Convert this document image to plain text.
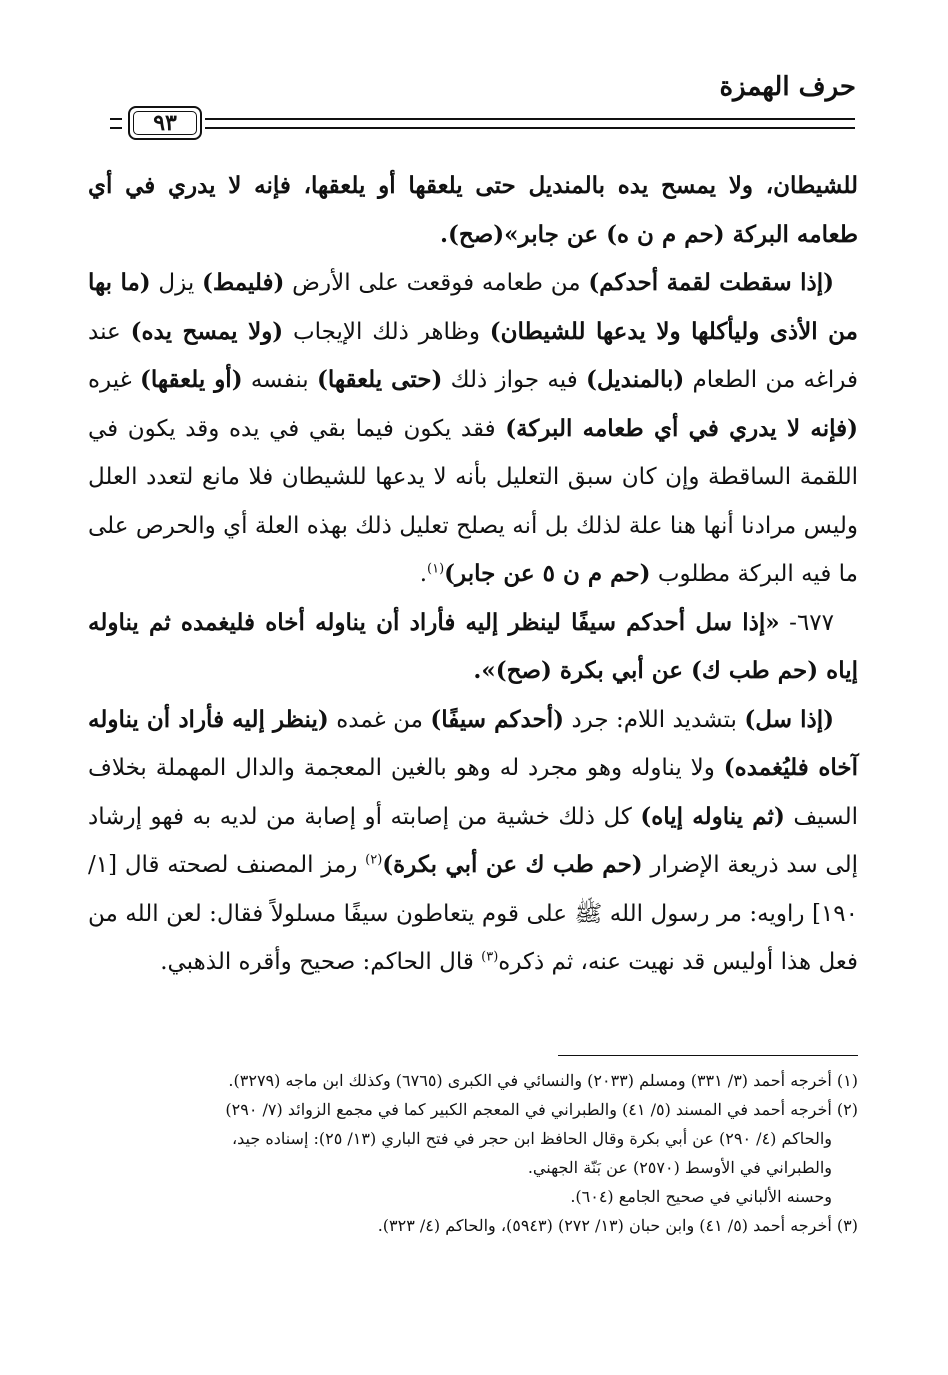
حرف الهمزة
٩٣

للشيطان، ولا يمسح يده بالمنديل حتى يلعقها أو يلعقها، فإنه لا يدري في أي طعامه البركة (حم م ن ه) عن جابر»(صح).

(إذا سقطت لقمة أحدكم) من طعامه فوقعت على الأرض (فليمط) يزل (ما بها من الأذى وليأكلها ولا يدعها للشيطان) وظاهر ذلك الإيجاب (ولا يمسح يده) عند فراغه من الطعام (بالمنديل) فيه جواز ذلك (حتى يلعقها) بنفسه (أو يلعقها) غيره (فإنه لا يدري في أي طعامه البركة) فقد يكون فيما بقي في يده وقد يكون في اللقمة الساقطة وإن كان سبق التعليل بأنه لا يدعها للشيطان فلا مانع لتعدد العلل وليس مرادنا أنها هنا علة لذلك بل أنه يصلح تعليل ذلك بهذه العلة أي والحرص على ما فيه البركة مطلوب (حم م ن ٥ عن جابر)$^{(١)}$.

٦٧٧- «إذا سل أحدكم سيفًا لينظر إليه فأراد أن يناوله أخاه فليغمده ثم يناوله إياه (حم طب ك) عن أبي بكرة (صح)».

(إذا سل) بتشديد اللام: جرد (أحدكم سيفًا) من غمده (ينظر إليه فأراد أن يناوله آخاه فليُغمده) ولا يناوله وهو مجرد له وهو بالغين المعجمة والدال المهملة بخلاف السيف (ثم يناوله إياه) كل ذلك خشية من إصابته أو إصابة من لديه به فهو إرشاد إلى سد ذريعة الإضرار (حم طب ك عن أبي بكرة)$^{(٢)}$ رمز المصنف لصحته قال [١/ ١٩٠] راويه: مر رسول الله ﷺ على قوم يتعاطون سيفًا مسلولاً فقال: لعن الله من فعل هذا أوليس قد نهيت عنه، ثم ذكره$^{(٣)}$ قال الحاكم: صحيح وأقره الذهبي.

(١) أخرجه أحمد (٣/ ٣٣١) ومسلم (٢٠٣٣) والنسائي في الكبرى (٦٧٦٥) وكذلك ابن ماجه (٣٢٧٩).

(٢) أخرجه أحمد في المسند (٥/ ٤١) والطبراني في المعجم الكبير كما في مجمع الزوائد (٧/ ٢٩٠)

والحاكم (٤/ ٢٩٠) عن أبي بكرة وقال الحافظ ابن حجر في فتح الباري (١٣/ ٢٥): إسناده جيد،

والطبراني في الأوسط (٢٥٧٠) عن بَنّة الجهني.

وحسنه الألباني في صحيح الجامع (٦٠٤).

(٣) أخرجه أحمد (٥/ ٤١) وابن حبان (١٣/ ٢٧٢) (٥٩٤٣)، والحاكم (٤/ ٣٢٣).
